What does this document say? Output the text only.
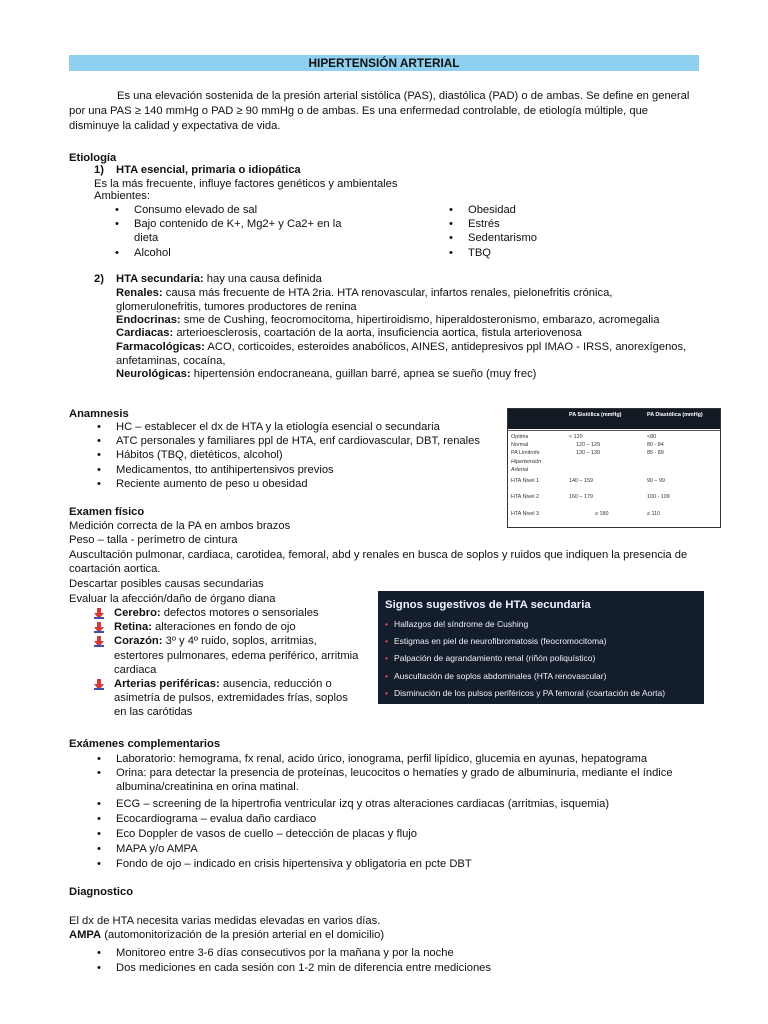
HIPERTENSIÓN ARTERIAL
Es una elevación sostenida de la presión arterial sistólica (PAS), diastólica (PAD) o de ambas. Se define en general
por una PAS ≥ 140 mmHg o PAD ≥ 90 mmHg o de ambas. Es una enfermedad controlable, de etiología múltiple, que
disminuye la calidad y expectativa de vida.
Etiología
1) HTA esencial, primaria o idiopática
Es la más frecuente, influye factores genéticos y ambientales
Ambientes:
• Consumo elevado de sal
• Bajo contenido de K+, Mg2+ y Ca2+ en la
dieta
• Alcohol
• Obesidad
• Estrés
• Sedentarismo
• TBQ
2) HTA secundaria: hay una causa definida
Renales: causa más frecuente de HTA 2ria. HTA renovascular, infartos renales, pielonefritis crónica,
glomerulonefritis, tumores productores de renina
Endocrinas: sme de Cushing, feocromocitoma, hipertiroidismo, hiperaldosteronismo, embarazo, acromegalia
Cardiacas: arterioesclerosis, coartación de la aorta, insuficiencia aortica, fistula arteriovenosa
Farmacológicas: ACO, corticoides, esteroides anabólicos, AINES, antidepresivos ppl IMAO - IRSS, anorexígenos,
anfetaminas, cocaína,
Neurológicas: hipertensión endocraneana, guillan barré, apnea se sueño (muy frec)
Anamnesis
• HC – establecer el dx de HTA y la etiología esencial o secundaria
• ATC personales y familiares ppl de HTA, enf cardiovascular, DBT, renales
• Hábitos (TBQ, dietéticos, alcohol)
• Medicamentos, tto antihipertensivos previos
• Reciente aumento de peso u obesidad
PA Sistólica (mmHg)	PA Diastólica (mmHg)
Optima	< 120	<80
Normal	120 – 129	80 - 84
PA Limitrofe	130 – 139	85 - 89
Hipertensión
Arterial
HTA Nivel 1	140 – 159	90 – 99
HTA Nivel 2	160 – 179	100 - 109
HTA Nivel 3	≥ 180	≥ 110
Examen físico
Medición correcta de la PA en ambos brazos
Peso – talla - perímetro de cintura
Auscultación pulmonar, cardiaca, carotidea, femoral, abd y renales en busca de soplos y ruidos que indiquen la presencia de
coartación aortica.
Descartar posibles causas secundarias
Evaluar la afección/daño de órgano diana
Cerebro: defectos motores o sensoriales
Retina: alteraciones en fondo de ojo
Corazón: 3º y 4º ruido, soplos, arritmias,
estertores pulmonares, edema periférico, arritmia
cardiaca
Arterias periféricas: ausencia, reducción o
asimetría de pulsos, extremidades frías, soplos
en las carótidas
Signos sugestivos de HTA secundaria
• Hallazgos del síndrome de Cushing
• Estigmas en piel de neurofibromatosis (feocromocitoma)
• Palpación de agrandamiento renal (riñón poliquístico)
• Auscultación de soplos abdominales (HTA renovascular)
• Disminución de los pulsos periféricos y PA femoral (coartación de Aorta)
Exámenes complementarios
• Laboratorio: hemograma, fx renal, acido úrico, ionograma, perfil lipídico, glucemia en ayunas, hepatograma
• Orina: para detectar la presencia de proteínas, leucocitos o hematíes y grado de albuminuria, mediante el índice
albumina/creatinina en orina matinal.
• ECG – screening de la hipertrofia ventricular izq y otras alteraciones cardiacas (arritmias, isquemia)
• Ecocardiograma – evalua daño cardiaco
• Eco Doppler de vasos de cuello – detección de placas y flujo
• MAPA y/o AMPA
• Fondo de ojo – indicado en crisis hipertensiva y obligatoria en pcte DBT
Diagnostico
El dx de HTA necesita varias medidas elevadas en varios días.
AMPA (automonitorización de la presión arterial en el domicilio)
• Monitoreo entre 3-6 días consecutivos por la mañana y por la noche
• Dos mediciones en cada sesión con 1-2 min de diferencia entre mediciones
